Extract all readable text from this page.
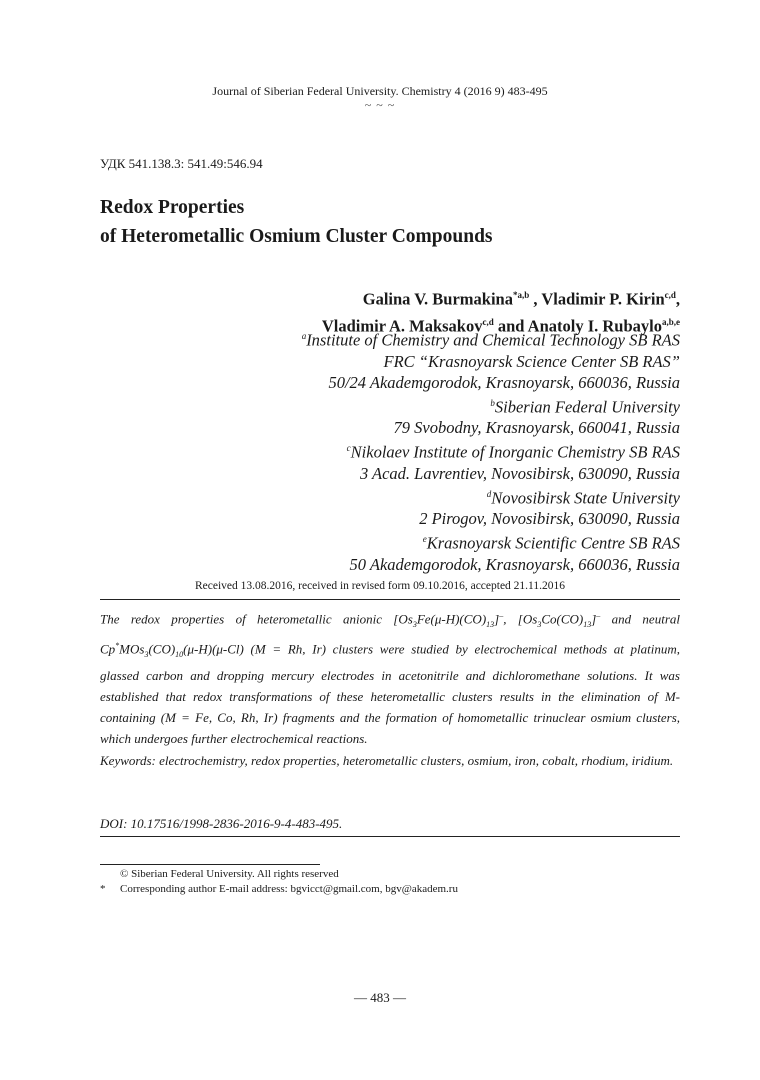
Journal of Siberian Federal University. Chemistry 4 (2016 9) 483-495
~ ~ ~
УДК 541.138.3: 541.49:546.94
Redox Properties
of Heterometallic Osmium Cluster Compounds
Galina V. Burmakina$^{*a,b}$ , Vladimir P. Kirin$^{c,d}$,
Vladimir A. Maksakov$^{c,d}$ and Anatoly I. Rubaylo$^{a,b,e}$
$^a$Institute of Chemistry and Chemical Technology SB RAS
FRC “Krasnoyarsk Science Center SB RAS”
50/24 Akademgorodok, Krasnoyarsk, 660036, Russia
$^b$Siberian Federal University
79 Svobodny, Krasnoyarsk, 660041, Russia
$^c$Nikolaev Institute of Inorganic Chemistry SB RAS
3 Acad. Lavrentiev, Novosibirsk, 630090, Russia
$^d$Novosibirsk State University
2 Pirogov, Novosibirsk, 630090, Russia
$^e$Krasnoyarsk Scientific Centre SB RAS
50 Akademgorodok, Krasnoyarsk, 660036, Russia
Received 13.08.2016, received in revised form 09.10.2016, accepted 21.11.2016
The redox properties of heterometallic anionic $[Os_3Fe(\mu-H)(CO)_{13}]^-$, $[Os_3Co(CO)_{13}]^-$ and neutral $Cp^*MOs_3(CO)_{10}(\mu-H)(\mu-Cl) (M = Rh$, Ir) clusters were studied by electrochemical methods at platinum, glassed carbon and dropping mercury electrodes in acetonitrile and dichloromethane solutions. It was established that redox transformations of these heterometallic clusters results in the elimination of M-containing (M = Fe, Co, Rh, Ir) fragments and the formation of homometallic trinuclear osmium clusters, which undergoes further electrochemical reactions.
Keywords: electrochemistry, redox properties, heterometallic clusters, osmium, iron, cobalt, rhodium, iridium.
DOI: 10.17516/1998-2836-2016-9-4-483-495.
© Siberian Federal University. All rights reserved
*	Corresponding author E-mail address: bgvicct@gmail.com, bgv@akadem.ru
— 483 —
